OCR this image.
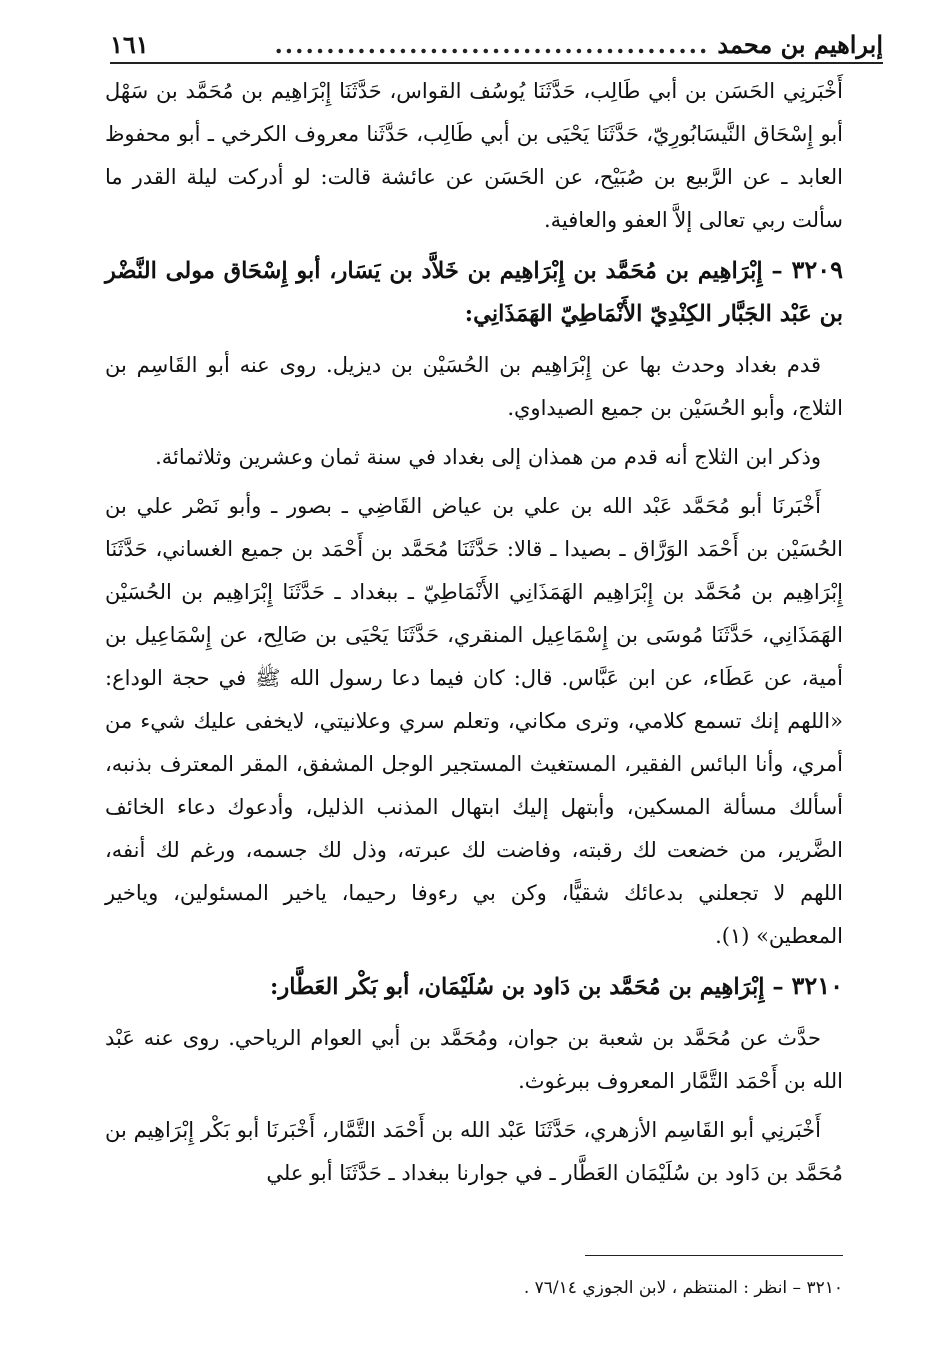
إبراهيم بن محمد
..........................................
١٦١

أَخْبَرنِي الحَسَن بن أبي طَالِب، حَدَّثَنَا يُوسُف القواس، حَدَّثَنَا إِبْرَاهِيم بن مُحَمَّد بن سَهْل أبو إِسْحَاق النَّيسَابُورِيّ، حَدَّثَنَا يَحْيَى بن أبي طَالِب، حَدَّثَنا معروف الكرخي ـ أبو محفوظ العابد ـ عن الرَّبيع بن صُبَيْح، عن الحَسَن عن عائشة قالت: لو أدركت ليلة القدر ما سألت ربي تعالى إلاَّ العفو والعافية.

٣٢٠٩ – إِبْرَاهِيم بن مُحَمَّد بن إِبْرَاهِيم بن خَلاَّد بن يَسَار، أبو إِسْحَاق مولى النَّضْر بن عَبْد الجَبَّار الكِنْدِيّ الأَنْمَاطِيّ الهَمَذَانِي:

قدم بغداد وحدث بها عن إِبْرَاهِيم بن الحُسَيْن بن ديزيل. روى عنه أبو القَاسِم بن الثلاج، وأبو الحُسَيْن بن جميع الصيداوي.

وذكر ابن الثلاج أنه قدم من همذان إلى بغداد في سنة ثمان وعشرين وثلاثمائة.

أَخْبَرنَا أبو مُحَمَّد عَبْد الله بن علي بن عياض القَاضِي ـ بصور ـ وأبو نَصْر علي بن الحُسَيْن بن أَحْمَد الوَرَّاق ـ بصيدا ـ قالا: حَدَّثَنَا مُحَمَّد بن أَحْمَد بن جميع الغساني، حَدَّثَنَا إِبْرَاهِيم بن مُحَمَّد بن إِبْرَاهِيم الهَمَذَانِي الأَنْمَاطِيّ ـ ببغداد ـ حَدَّثَنَا إِبْرَاهِيم بن الحُسَيْن الهَمَذَانِي، حَدَّثَنَا مُوسَى بن إِسْمَاعِيل المنقري، حَدَّثَنَا يَحْيَى بن صَالِح، عن إِسْمَاعِيل بن أمية، عن عَطَاء، عن ابن عَبَّاس. قال: كان فيما دعا رسول الله ﷺ في حجة الوداع: «اللهم إنك تسمع كلامي، وترى مكاني، وتعلم سري وعلانيتي، لايخفى عليك شيء من أمري، وأنا البائس الفقير، المستغيث المستجير الوجل المشفق، المقر المعترف بذنبه، أسألك مسألة المسكين، وأبتهل إليك ابتهال المذنب الذليل، وأدعوك دعاء الخائف الضَّرير، من خضعت لك رقبته، وفاضت لك عبرته، وذل لك جسمه، ورغم لك أنفه، اللهم لا تجعلني بدعائك شقيًّا، وكن بي رءوفا رحيما، ياخير المسئولين، وياخير المعطين» (١).

٣٢١٠ – إِبْرَاهِيم بن مُحَمَّد بن دَاود بن سُلَيْمَان، أبو بَكْر العَطَّار:

حدَّث عن مُحَمَّد بن شعبة بن جوان، ومُحَمَّد بن أبي العوام الرياحي. روى عنه عَبْد الله بن أَحْمَد التَّمَّار المعروف ببرغوث.

أَخْبَرنِي أبو القَاسِم الأزهري، حَدَّثَنَا عَبْد الله بن أَحْمَد التَّمَّار، أَخْبَرنَا أبو بَكْر إِبْرَاهِيم بن مُحَمَّد بن دَاود بن سُلَيْمَان العَطَّار ـ في جوارنا ببغداد ـ حَدَّثَنَا أبو علي

٣٢١٠ – انظر : المنتظم ، لابن الجوزي ٧٦/١٤ .
